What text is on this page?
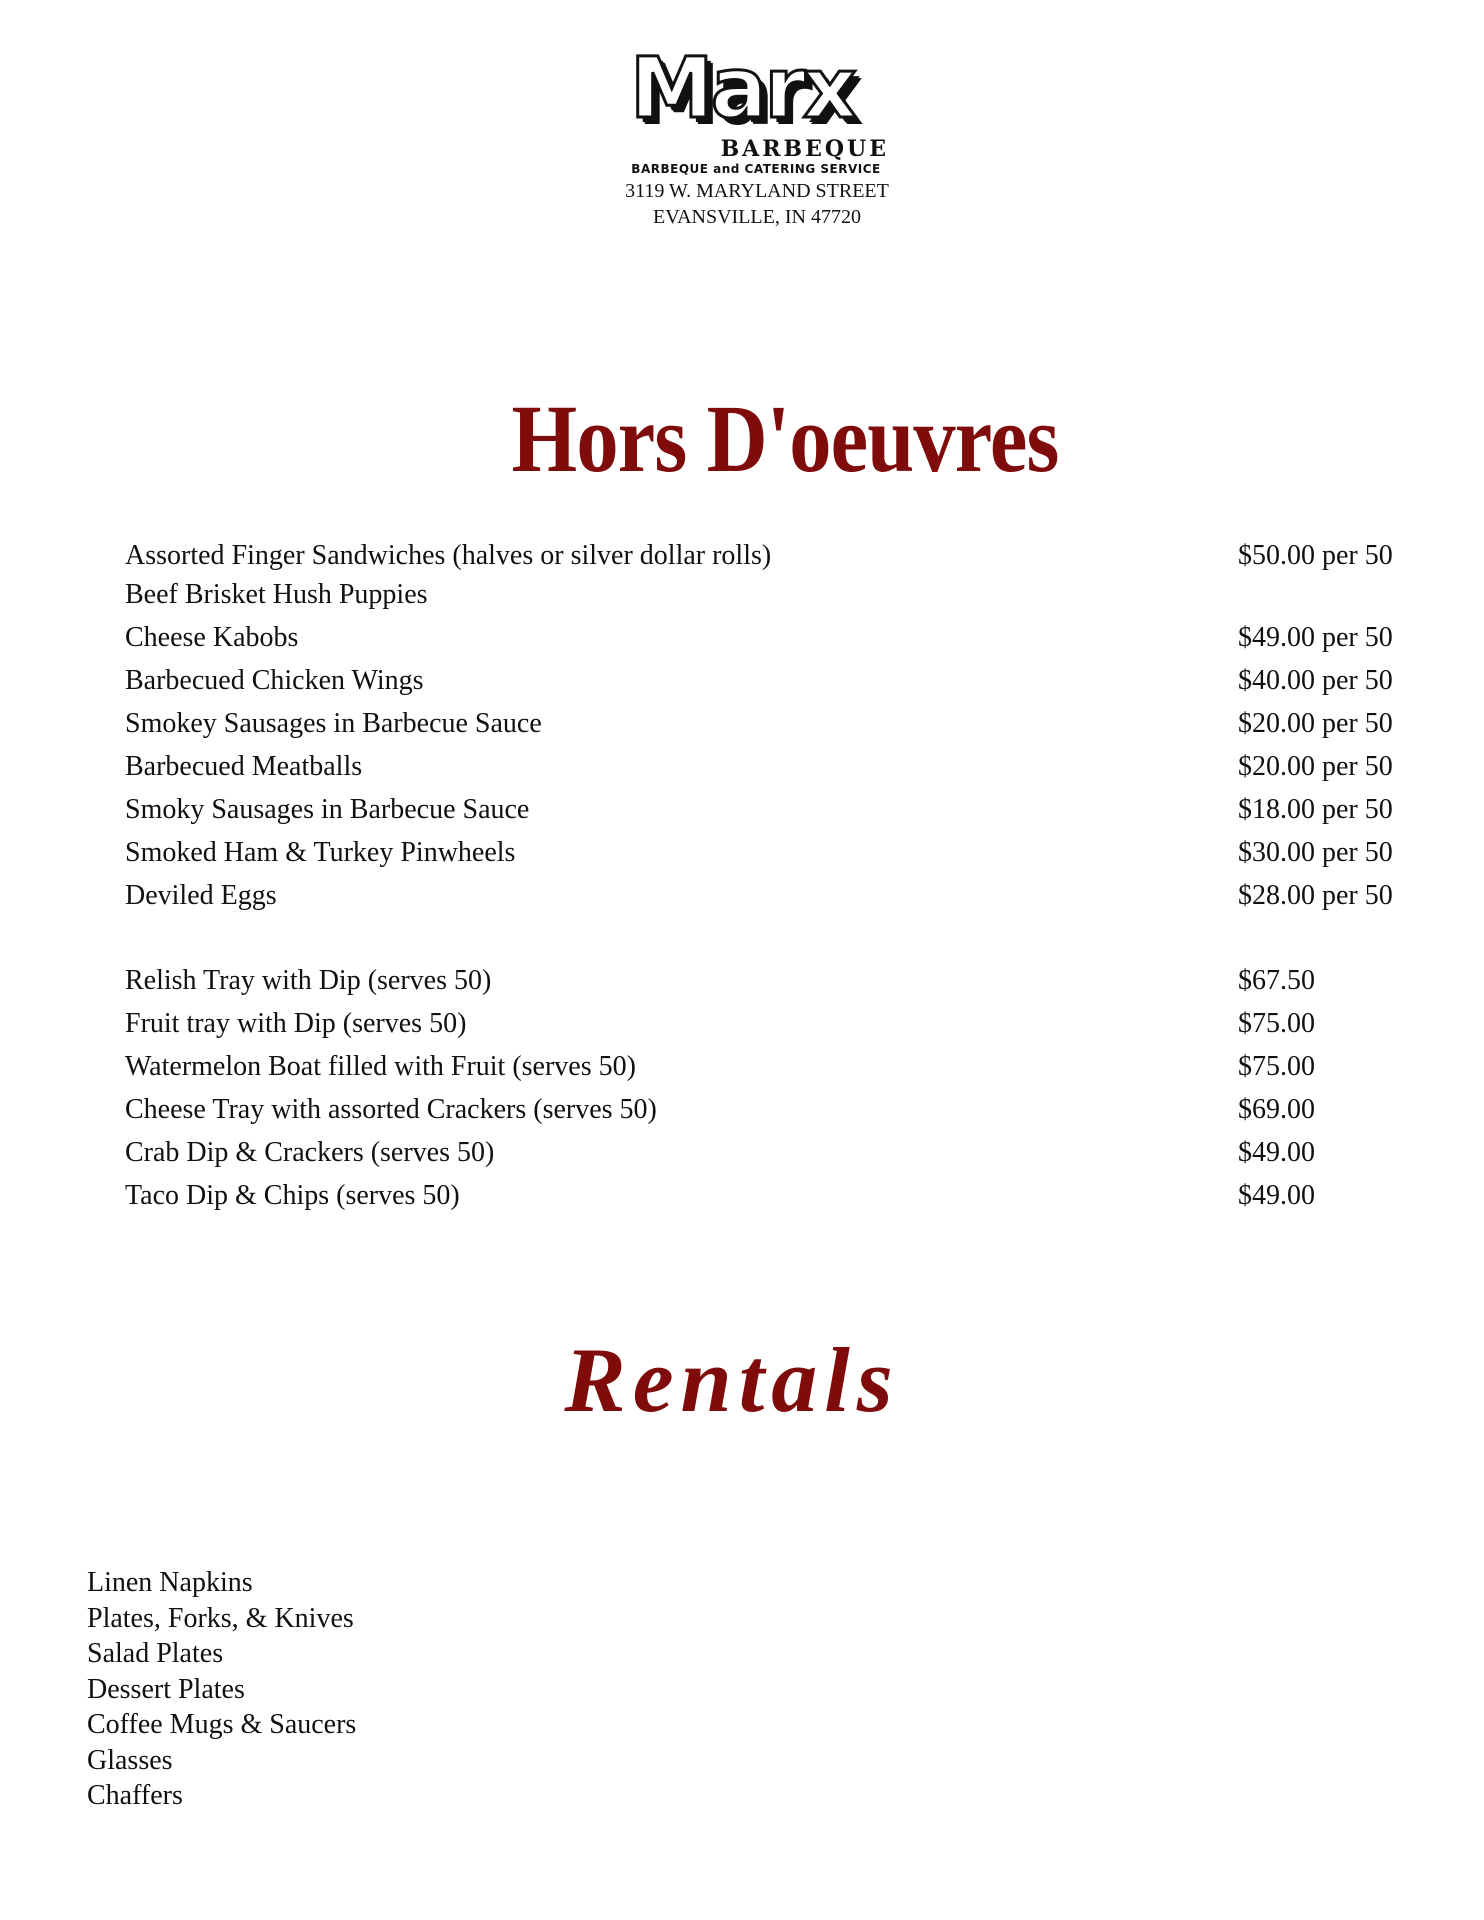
Marx
BARBEQUE
BARBEQUE and CATERING SERVICE
3119 W. MARYLAND STREET
EVANSVILLE, IN 47720
Hors D'oeuvres
Assorted Finger Sandwiches (halves or silver dollar rolls)	$50.00 per 50
Beef Brisket Hush Puppies
Cheese Kabobs	$49.00 per 50
Barbecued Chicken Wings	$40.00 per 50
Smokey Sausages in Barbecue Sauce	$20.00 per 50
Barbecued Meatballs	$20.00 per 50
Smoky Sausages in Barbecue Sauce	$18.00 per 50
Smoked Ham & Turkey Pinwheels	$30.00 per 50
Deviled Eggs	$28.00 per 50
Relish Tray with Dip (serves 50)	$67.50
Fruit tray with Dip (serves 50)	$75.00
Watermelon Boat filled with Fruit (serves 50)	$75.00
Cheese Tray with assorted Crackers (serves 50)	$69.00
Crab Dip & Crackers (serves 50)	$49.00
Taco Dip & Chips (serves 50)	$49.00
Rentals
Linen Napkins
Plates, Forks, & Knives
Salad Plates
Dessert Plates
Coffee Mugs & Saucers
Glasses
Chaffers
